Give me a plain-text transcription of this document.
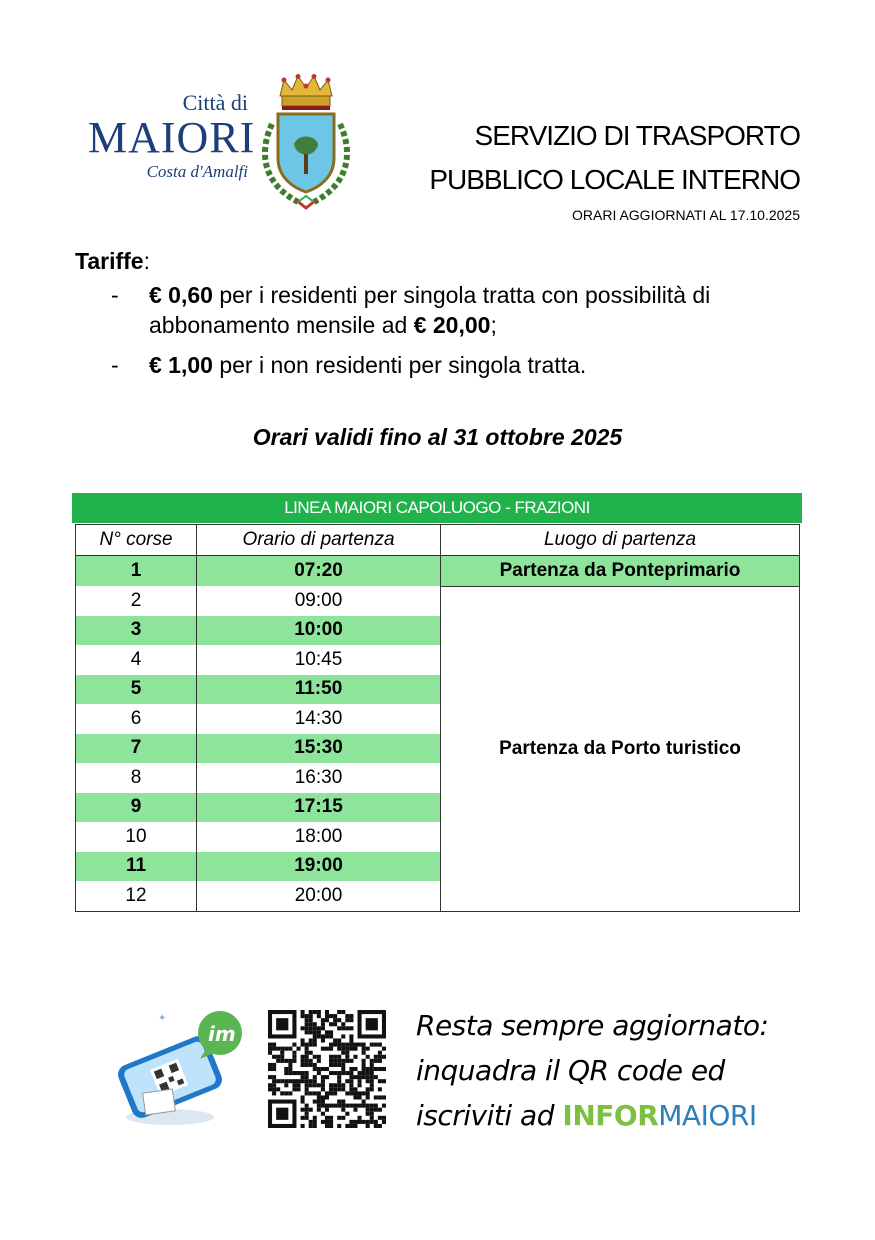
Città di
MAIORI
Costa d'Amalfi
SERVIZIO DI TRASPORTO
PUBBLICO LOCALE INTERNO
ORARI AGGIORNATI AL 17.10.2025
Tariffe:
- € 0,60 per i residenti per singola tratta con possibilità di abbonamento mensile ad € 20,00;
- € 1,00 per i non residenti per singola tratta.
Orari validi fino al 31 ottobre 2025
LINEA MAIORI CAPOLUOGO - FRAZIONI
N° corse	Orario di partenza	Luogo di partenza
1	07:20	Partenza da Ponteprimario
2	09:00	Partenza da Porto turistico
3	10:00	
4	10:45	
5	11:50	
6	14:30	
7	15:30	
8	16:30	
9	17:15	
10	18:00	
11	19:00	
12	20:00	
im
✦	Resta sempre aggiornato:
inquadra il QR code ed
iscriviti ad INFORMAIORI
